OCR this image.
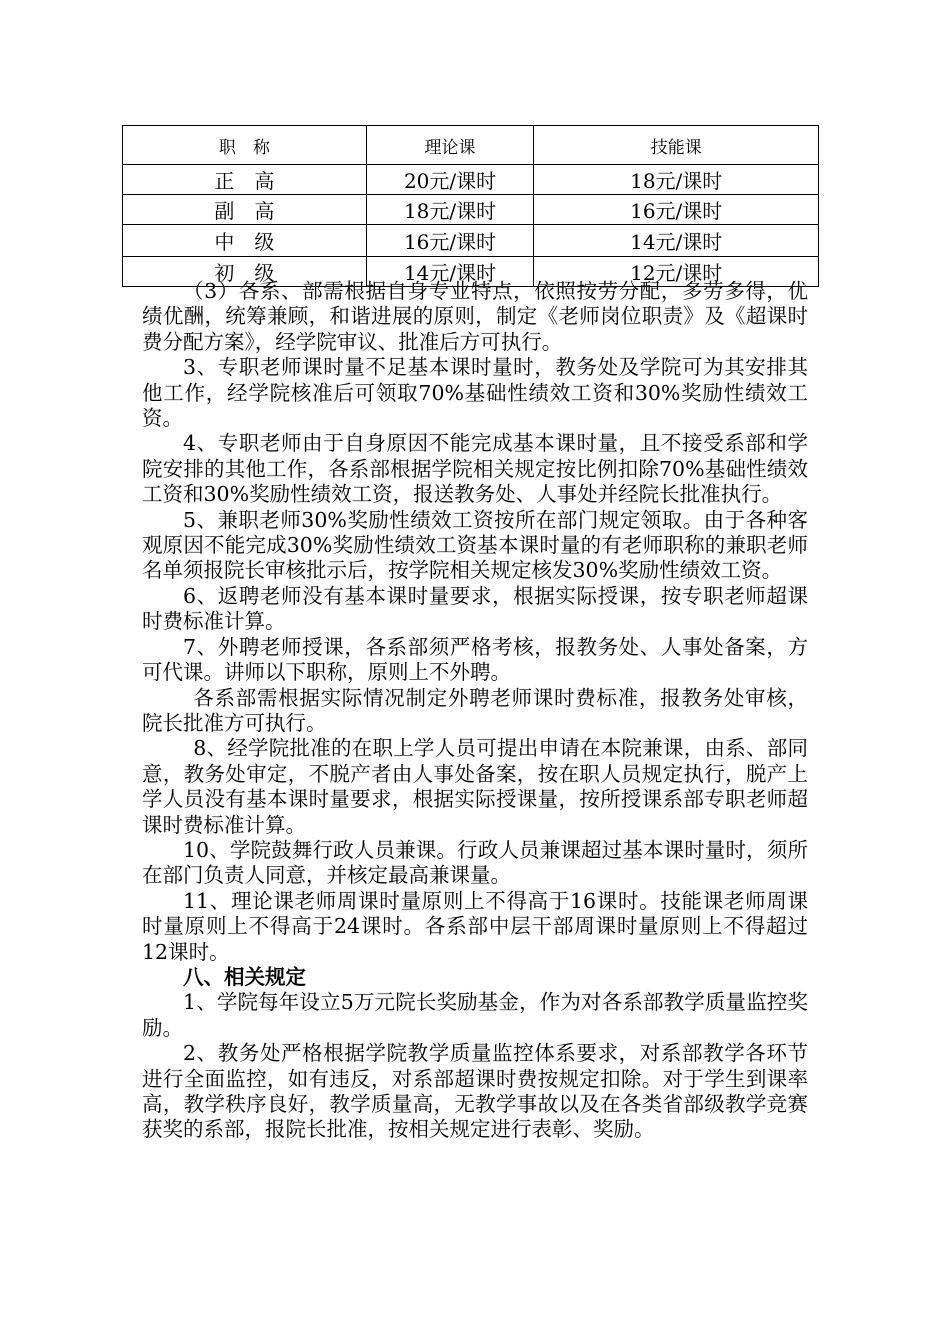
职　称	理论课	技能课
正　高	20元/课时	18元/课时
副　高	18元/课时	16元/课时
中　级	16元/课时	14元/课时
初　级	14元/课时	12元/课时

（3）各系、部需根据自身专业特点，依照按劳分配，多劳多得，优绩优酬，统筹兼顾，和谐进展的原则，制定《老师岗位职责》及《超课时费分配方案》，经学院审议、批准后方可执行。

3、专职老师课时量不足基本课时量时，教务处及学院可为其安排其他工作，经学院核准后可领取70%基础性绩效工资和30%奖励性绩效工资。

4、专职老师由于自身原因不能完成基本课时量，且不接受系部和学院安排的其他工作，各系部根据学院相关规定按比例扣除70%基础性绩效工资和30%奖励性绩效工资，报送教务处、人事处并经院长批准执行。

5、兼职老师30%奖励性绩效工资按所在部门规定领取。由于各种客观原因不能完成30%奖励性绩效工资基本课时量的有老师职称的兼职老师名单须报院长审核批示后，按学院相关规定核发30%奖励性绩效工资。

6、返聘老师没有基本课时量要求，根据实际授课，按专职老师超课时费标准计算。

7、外聘老师授课，各系部须严格考核，报教务处、人事处备案，方可代课。讲师以下职称，原则上不外聘。

各系部需根据实际情况制定外聘老师课时费标准，报教务处审核，院长批准方可执行。

8、经学院批准的在职上学人员可提出申请在本院兼课，由系、部同意，教务处审定，不脱产者由人事处备案，按在职人员规定执行，脱产上学人员没有基本课时量要求，根据实际授课量，按所授课系部专职老师超课时费标准计算。

10、学院鼓舞行政人员兼课。行政人员兼课超过基本课时量时，须所在部门负责人同意，并核定最高兼课量。

11、理论课老师周课时量原则上不得高于16课时。技能课老师周课时量原则上不得高于24课时。各系部中层干部周课时量原则上不得超过12课时。

八、相关规定

1、学院每年设立5万元院长奖励基金，作为对各系部教学质量监控奖励。

2、教务处严格根据学院教学质量监控体系要求，对系部教学各环节进行全面监控，如有违反，对系部超课时费按规定扣除。对于学生到课率高，教学秩序良好，教学质量高，无教学事故以及在各类省部级教学竞赛获奖的系部，报院长批准，按相关规定进行表彰、奖励。
